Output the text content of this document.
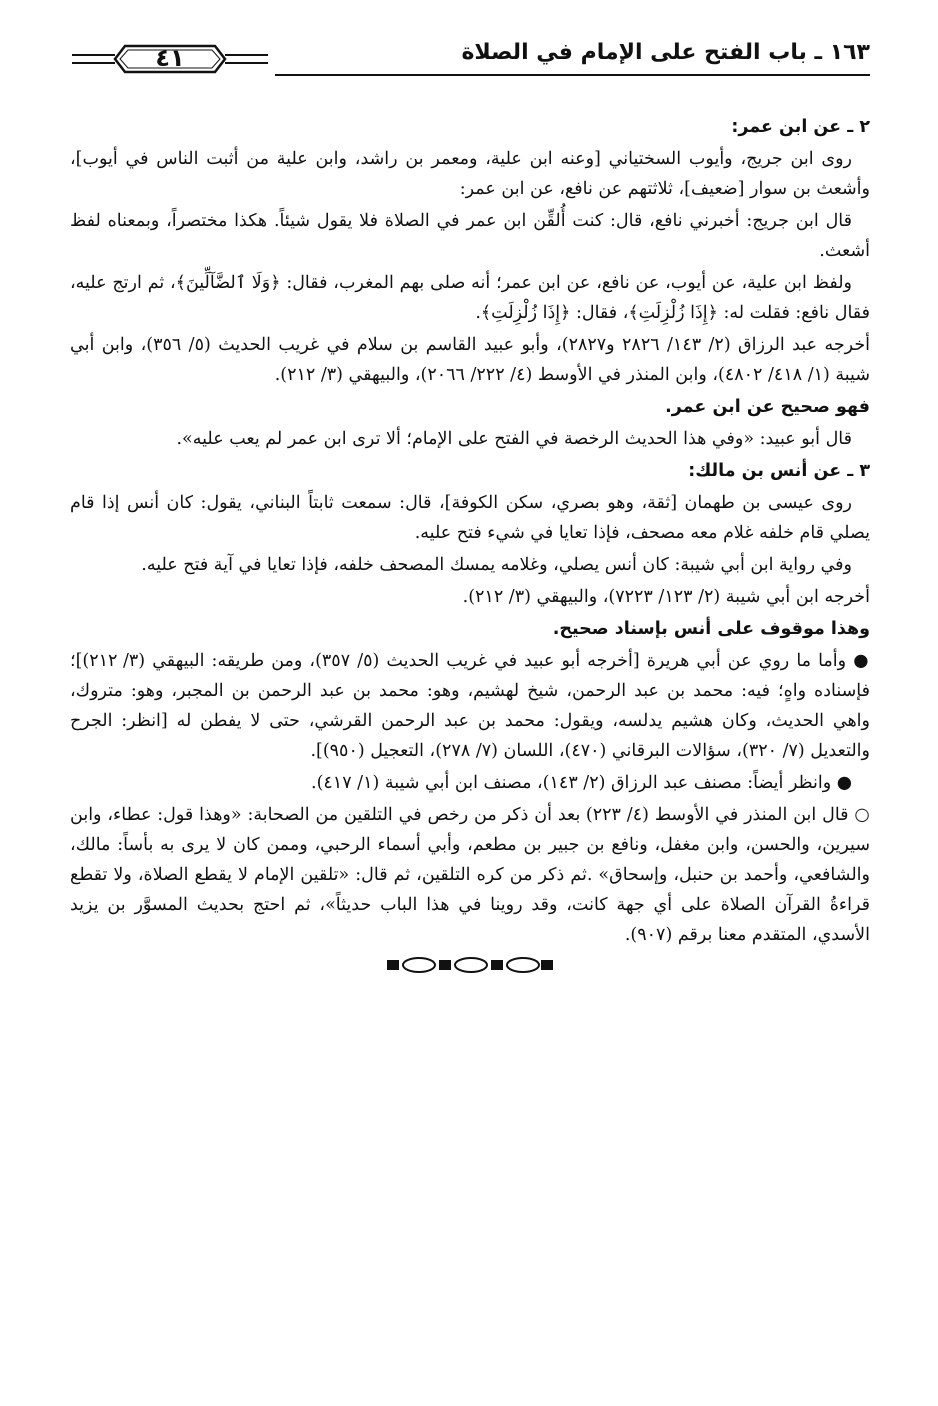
١٦٣ ـ باب الفتح على الإمام في الصلاة
٤١

٢ ـ عن ابن عمر:

روى ابن جريج، وأيوب السختياني [وعنه ابن علية، ومعمر بن راشد، وابن علية من أثبت الناس في أيوب]، وأشعث بن سوار [ضعيف]، ثلاثتهم عن نافع، عن ابن عمر:

قال ابن جريج: أخبرني نافع، قال: كنت أُلقِّن ابن عمر في الصلاة فلا يقول شيئاً. هكذا مختصراً، وبمعناه لفظ أشعث.

ولفظ ابن علية، عن أيوب، عن نافع، عن ابن عمر؛ أنه صلى بهم المغرب، فقال: ﴿وَلَا ٱلضَّآلِّينَ﴾، ثم ارتج عليه، فقال نافع: فقلت له: ﴿إِذَا زُلْزِلَتِ﴾، فقال: ﴿إِذَا زُلْزِلَتِ﴾.

أخرجه عبد الرزاق (٢/ ١٤٣/ ٢٨٢٦ و٢٨٢٧)، وأبو عبيد القاسم بن سلام في غريب الحديث (٥/ ٣٥٦)، وابن أبي شيبة (١/ ٤١٨/ ٤٨٠٢)، وابن المنذر في الأوسط (٤/ ٢٢٢/ ٢٠٦٦)، والبيهقي (٣/ ٢١٢).

فهو صحيح عن ابن عمر.

قال أبو عبيد: «وفي هذا الحديث الرخصة في الفتح على الإمام؛ ألا ترى ابن عمر لم يعب عليه».

٣ ـ عن أنس بن مالك:

روى عيسى بن طهمان [ثقة، وهو بصري، سكن الكوفة]، قال: سمعت ثابتاً البناني، يقول: كان أنس إذا قام يصلي قام خلفه غلام معه مصحف، فإذا تعايا في شيء فتح عليه.

وفي رواية ابن أبي شيبة: كان أنس يصلي، وغلامه يمسك المصحف خلفه، فإذا تعايا في آية فتح عليه.

أخرجه ابن أبي شيبة (٢/ ١٢٣/ ٧٢٢٣)، والبيهقي (٣/ ٢١٢).

وهذا موقوف على أنس بإسناد صحيح.

● وأما ما روي عن أبي هريرة [أخرجه أبو عبيد في غريب الحديث (٥/ ٣٥٧)، ومن طريقه: البيهقي (٣/ ٢١٢)]؛ فإسناده واهٍ؛ فيه: محمد بن عبد الرحمن، شيخ لهشيم، وهو: محمد بن عبد الرحمن بن المجبر، وهو: متروك، واهي الحديث، وكان هشيم يدلسه، ويقول: محمد بن عبد الرحمن القرشي، حتى لا يفطن له [انظر: الجرح والتعديل (٧/ ٣٢٠)، سؤالات البرقاني (٤٧٠)، اللسان (٧/ ٢٧٨)، التعجيل (٩٥٠)].

● وانظر أيضاً: مصنف عبد الرزاق (٢/ ١٤٣)، مصنف ابن أبي شيبة (١/ ٤١٧).

○ قال ابن المنذر في الأوسط (٤/ ٢٢٣) بعد أن ذكر من رخص في التلقين من الصحابة: «وهذا قول: عطاء، وابن سيرين، والحسن، وابن مغفل، ونافع بن جبير بن مطعم، وأبي أسماء الرحبي، وممن كان لا يرى به بأساً: مالك، والشافعي، وأحمد بن حنبل، وإسحاق» .ثم ذكر من كره التلقين، ثم قال: «تلقين الإمام لا يقطع الصلاة، ولا تقطع قراءةُ القرآن الصلاة على أي جهة كانت، وقد روينا في هذا الباب حديثاً»، ثم احتج بحديث المسوَّر بن يزيد الأسدي، المتقدم معنا برقم (٩٠٧).
